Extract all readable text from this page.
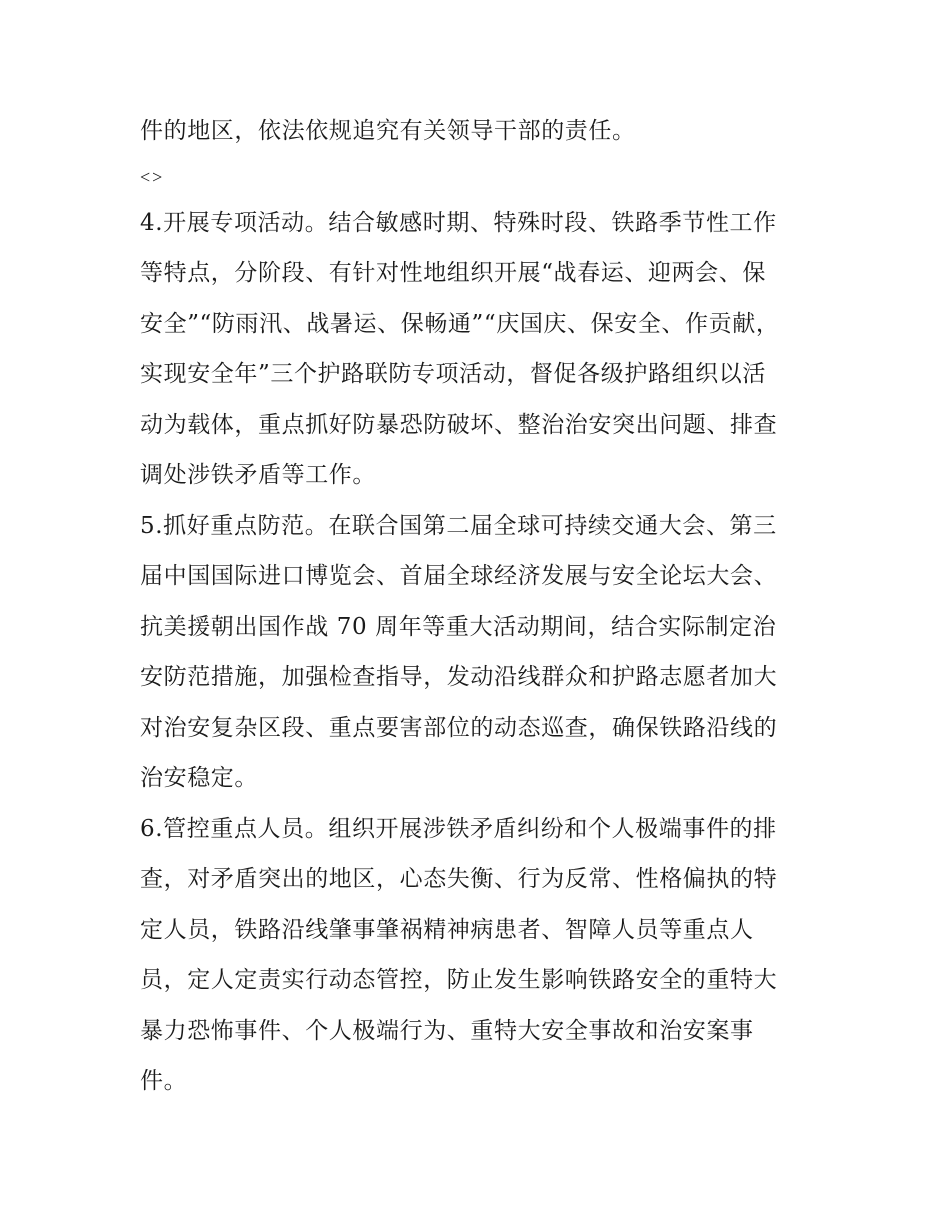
件的地区，依法依规追究有关领导干部的责任。
<>
4.开展专项活动。结合敏感时期、特殊时段、铁路季节性工作
等特点，分阶段、有针对性地组织开展“战春运、迎两会、保
安全”“防雨汛、战暑运、保畅通”“庆国庆、保安全、作贡献，
实现安全年”三个护路联防专项活动，督促各级护路组织以活
动为载体，重点抓好防暴恐防破坏、整治治安突出问题、排查
调处涉铁矛盾等工作。
5.抓好重点防范。在联合国第二届全球可持续交通大会、第三
届中国国际进口博览会、首届全球经济发展与安全论坛大会、
抗美援朝出国作战 70 周年等重大活动期间，结合实际制定治
安防范措施，加强检查指导，发动沿线群众和护路志愿者加大
对治安复杂区段、重点要害部位的动态巡查，确保铁路沿线的
治安稳定。
6.管控重点人员。组织开展涉铁矛盾纠纷和个人极端事件的排
查，对矛盾突出的地区，心态失衡、行为反常、性格偏执的特
定人员，铁路沿线肇事肇祸精神病患者、智障人员等重点人
员，定人定责实行动态管控，防止发生影响铁路安全的重特大
暴力恐怖事件、个人极端行为、重特大安全事故和治安案事
件。
